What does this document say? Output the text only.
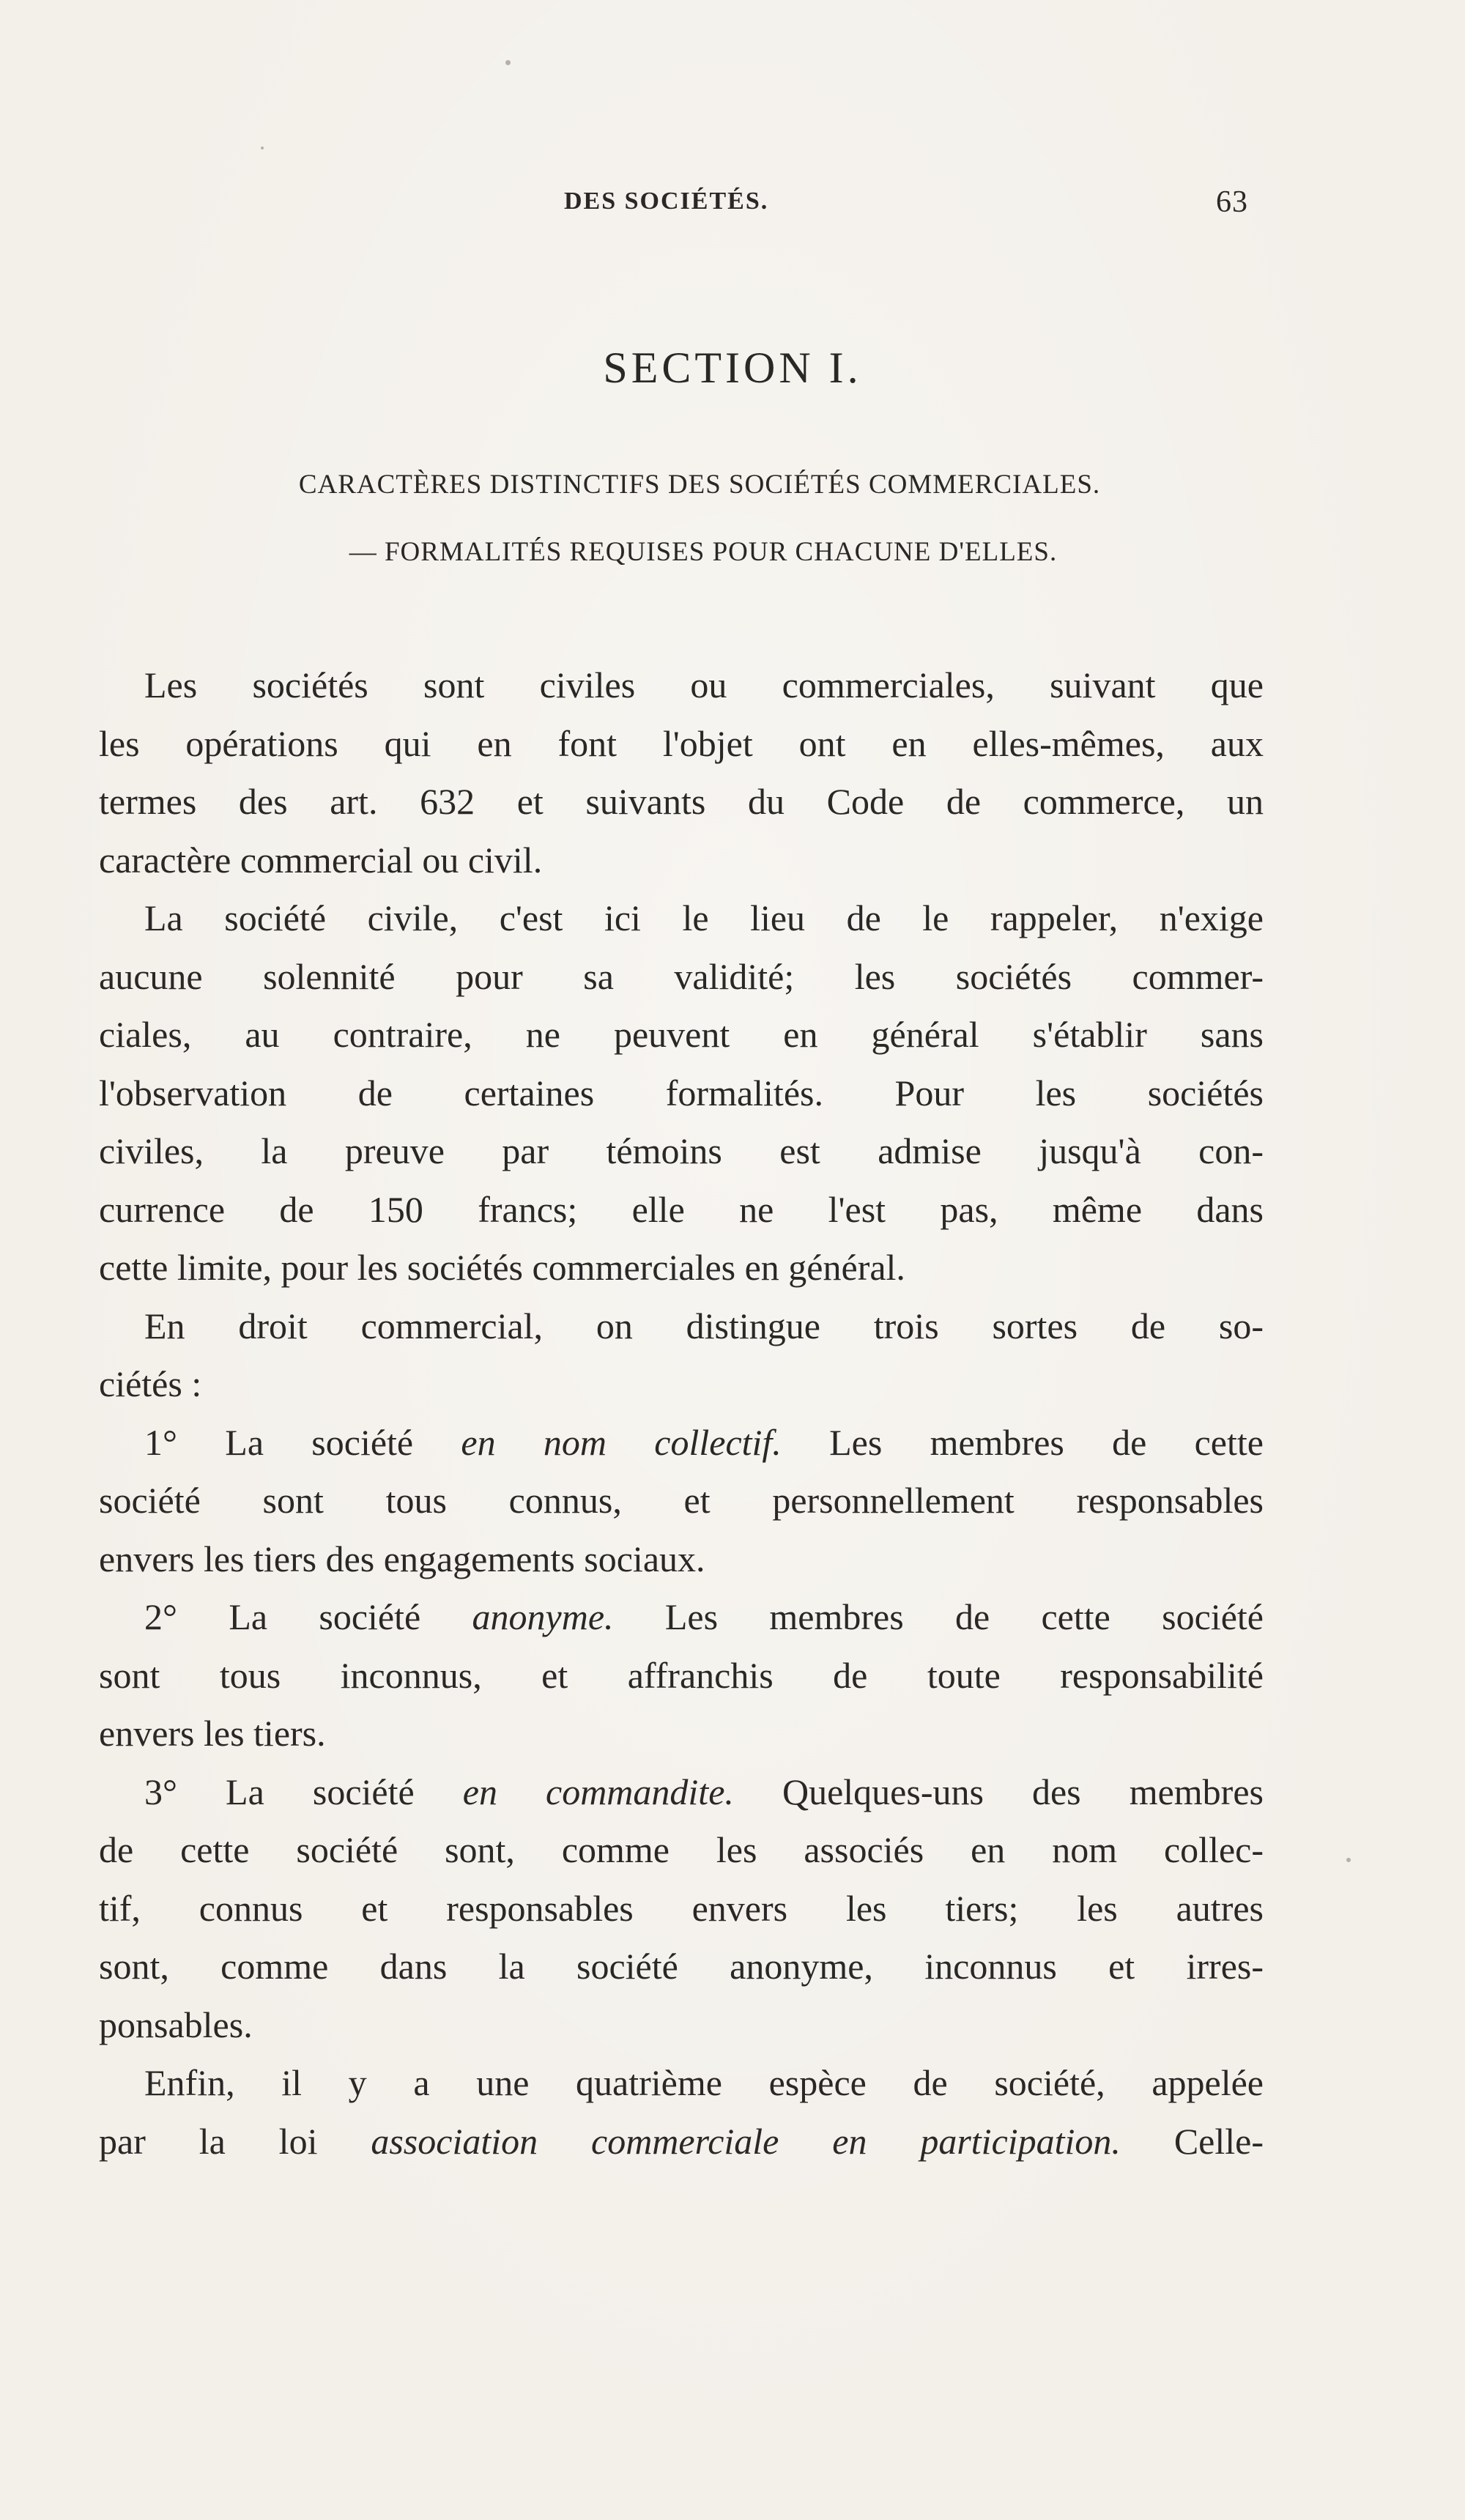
DES SOCIÉTÉS.	63
SECTION I.
CARACTÈRES DISTINCTIFS DES SOCIÉTÉS COMMERCIALES.
— FORMALITÉS REQUISES POUR CHACUNE D'ELLES.
Les sociétés sont civiles ou commerciales, suivant que
les opérations qui en font l'objet ont en elles-mêmes, aux
termes des art. 632 et suivants du Code de commerce, un
caractère commercial ou civil.
La société civile, c'est ici le lieu de le rappeler, n'exige
aucune solennité pour sa validité; les sociétés commer-
ciales, au contraire, ne peuvent en général s'établir sans
l'observation de certaines formalités. Pour les sociétés
civiles, la preuve par témoins est admise jusqu'à con-
currence de 150 francs; elle ne l'est pas, même dans
cette limite, pour les sociétés commerciales en général.
En droit commercial, on distingue trois sortes de so-
ciétés :
1° La société en nom collectif. Les membres de cette
société sont tous connus, et personnellement responsables
envers les tiers des engagements sociaux.
2° La société anonyme. Les membres de cette société
sont tous inconnus, et affranchis de toute responsabilité
envers les tiers.
3° La société en commandite. Quelques-uns des membres
de cette société sont, comme les associés en nom collec-
tif, connus et responsables envers les tiers; les autres
sont, comme dans la société anonyme, inconnus et irres-
ponsables.
Enfin, il y a une quatrième espèce de société, appelée
par la loi association commerciale en participation. Celle-
